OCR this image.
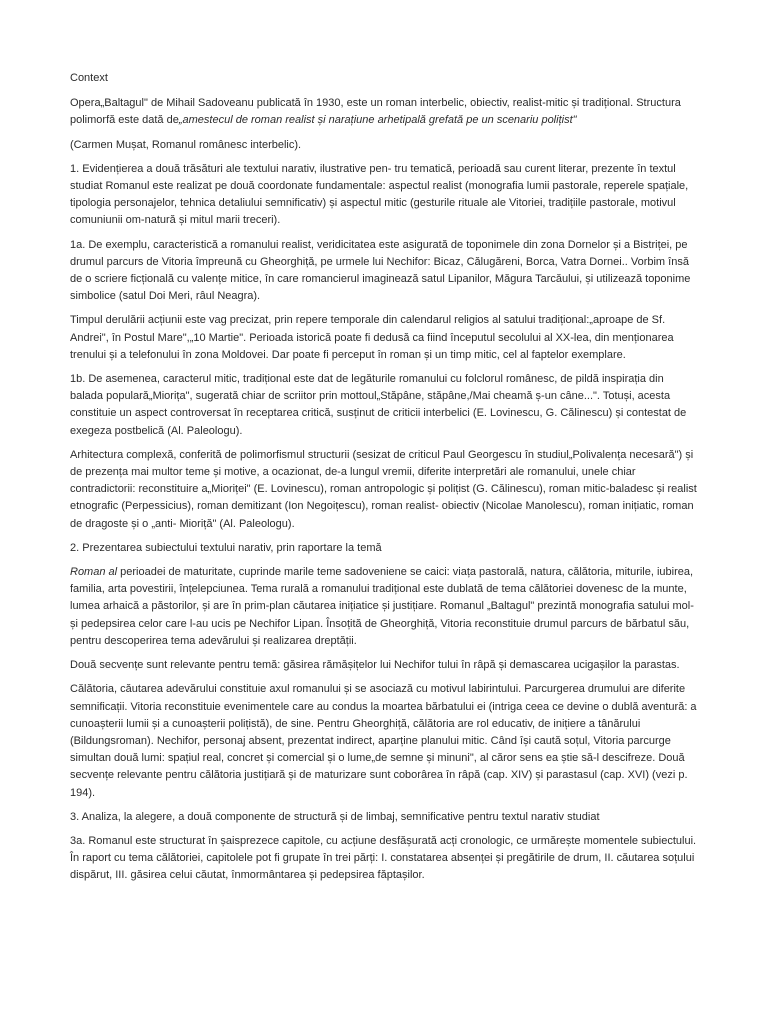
Context

Opera„Baltagul" de Mihail Sadoveanu publicată în 1930, este un roman interbelic, obiectiv, realist-mitic și tradițional. Structura polimorfă este dată de„amestecul de roman realist și narațiune arhetipală grefată pe un scenariu polițist"

(Carmen Mușat, Romanul românesc interbelic).

1. Evidențierea a două trăsături ale textului narativ, ilustrative pen- tru tematică, perioadă sau curent literar, prezente în textul studiat Romanul este realizat pe două coordonate fundamentale: aspectul realist (monografia lumii pastorale, reperele spațiale, tipologia personajelor, tehnica detaliului semnificativ) și aspectul mitic (gesturile rituale ale Vitoriei, tradițiile pastorale, motivul comuniunii om-natură și mitul marii treceri).

1a. De exemplu, caracteristică a romanului realist, veridicitatea este asigurată de toponimele din zona Dornelor și a Bistriței, pe drumul parcurs de Vitoria împreună cu Gheorghiță, pe urmele lui Nechifor: Bicaz, Călugăreni, Borca, Vatra Dornei.. Vorbim însă de o scriere ficțională cu valențe mitice, în care romancierul imaginează satul Lipanilor, Măgura Tarcăului, și utilizează toponime simbolice (satul Doi Meri, râul Neagra).

Timpul derulării acțiunii este vag precizat, prin repere temporale din calendarul religios al satului tradițional:„aproape de Sf. Andrei", în Postul Mare",„10 Martie". Perioada istorică poate fi dedusă ca fiind începutul secolului al XX-lea, din menționarea trenului și a telefonului în zona Moldovei. Dar poate fi perceput în roman și un timp mitic, cel al faptelor exemplare.

1b. De asemenea, caracterul mitic, tradițional este dat de legăturile romanului cu folclorul românesc, de pildă inspirația din balada populară„Miorița", sugerată chiar de scriitor prin mottoul„Stăpâne, stăpâne,/Mai cheamă ș-un câne...". Totuși, acesta constituie un aspect controversat în receptarea critică, susținut de criticii interbelici (E. Lovinescu, G. Călinescu) și contestat de exegeza postbelică (Al. Paleologu).

Arhitectura complexă, conferită de polimorfismul structurii (sesizat de criticul Paul Georgescu în studiul„Polivalența necesară") și de prezența mai multor teme și motive, a ocazionat, de-a lungul vremii, diferite interpretări ale romanului, unele chiar contradictorii: reconstituire a„Mioriței" (E. Lovinescu), roman antropologic și polițist (G. Călinescu), roman mitic-baladesc și realist etnografic (Perpessicius), roman demitizant (Ion Negoițescu), roman realist- obiectiv (Nicolae Manolescu), roman inițiatic, roman de dragoste și o „anti- Mioriță" (Al. Paleologu).

2. Prezentarea subiectului textului narativ, prin raportare la temă

Roman al perioadei de maturitate, cuprinde marile teme sadoveniene se caici: viața pastorală, natura, călătoria, miturile, iubirea, familia, arta povestirii, înțelepciunea. Tema rurală a romanului tradițional este dublată de tema călătoriei dovenesc de la munte, lumea arhaică a păstorilor, și are în prim-plan căutarea inițiatice și justițiare. Romanul „Baltagul" prezintă monografia satului mol- și pedepsirea celor care l-au ucis pe Nechifor Lipan. Însoțită de Gheorghiță, Vitoria reconstituie drumul parcurs de bărbatul său, pentru descoperirea tema adevărului și realizarea dreptății.

Două secvențe sunt relevante pentru temă: găsirea rămășițelor lui Nechifor tului în râpă și demascarea ucigașilor la parastas.

Călătoria, căutarea adevărului constituie axul romanului și se asociază cu motivul labirintului. Parcurgerea drumului are diferite semnificații. Vitoria reconstituie evenimentele care au condus la moartea bărbatului ei (intriga ceea ce devine o dublă aventură: a cunoașterii lumii și a cunoașterii polițistă), de sine. Pentru Gheorghiță, călătoria are rol educativ, de inițiere a tânărului (Bildungsroman). Nechifor, personaj absent, prezentat indirect, aparține planului mitic. Când își caută soțul, Vitoria parcurge simultan două lumi: spațiul real, concret și comercial și o lume„de semne și minuni", al căror sens ea știe să-l descifreze. Două secvențe relevante pentru călătoria justițiară și de maturizare sunt coborârea în râpă (cap. XIV) și parastasul (cap. XVI) (vezi p. 194).

3. Analiza, la alegere, a două componente de structură și de limbaj, semnificative pentru textul narativ studiat

3a. Romanul este structurat în șaisprezece capitole, cu acțiune desfășurată acți cronologic, ce urmărește momentele subiectului. În raport cu tema călătoriei, capitolele pot fi grupate în trei părți: I. constatarea absenței și pregătirile de drum, II. căutarea soțului dispărut, III. găsirea celui căutat, înmormântarea și pedepsirea făptașilor.
